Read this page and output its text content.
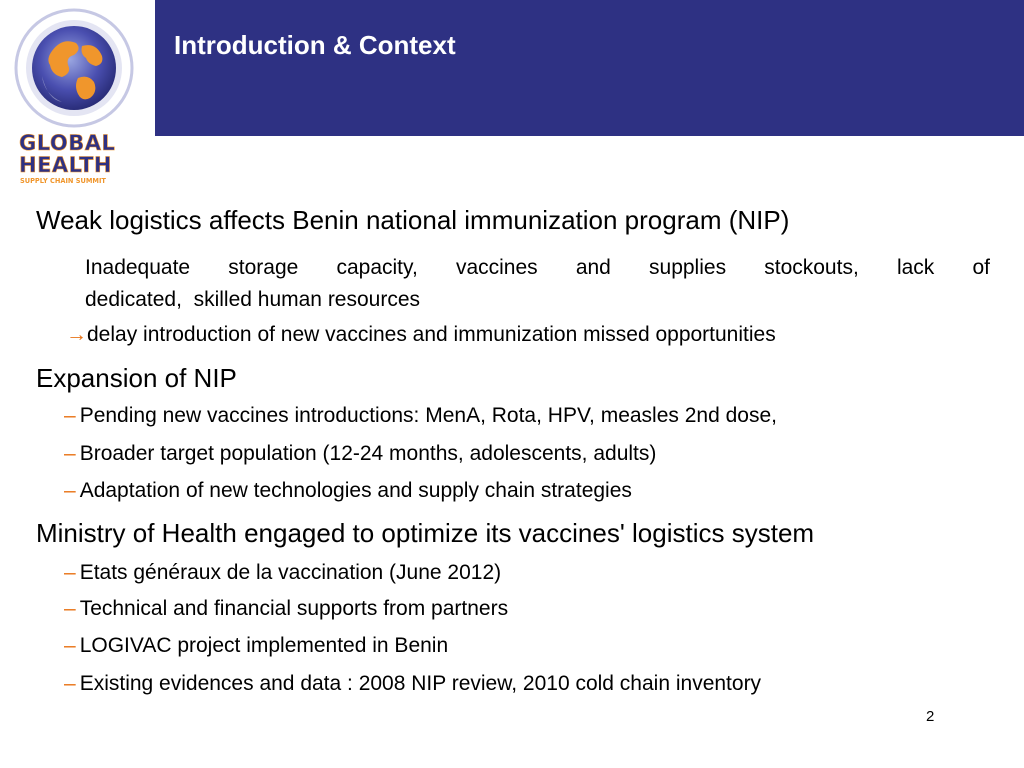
Introduction & Context
GLOBAL
HEALTH
SUPPLY CHAIN SUMMIT
Weak logistics affects Benin national immunization program (NIP)
Inadequate storage capacity, vaccines and supplies stockouts, lack of
dedicated,  skilled human resources
→delay introduction of new vaccines and immunization missed opportunities
Expansion of NIP
– Pending new vaccines introductions: MenA, Rota, HPV, measles 2nd dose,
– Broader target population (12-24 months, adolescents, adults)
– Adaptation of new technologies and supply chain strategies
Ministry of Health engaged to optimize its vaccines' logistics system
– Etats généraux de la vaccination (June 2012)
– Technical and financial supports from partners
– LOGIVAC project implemented in Benin
– Existing evidences and data : 2008 NIP review, 2010 cold chain inventory
2
